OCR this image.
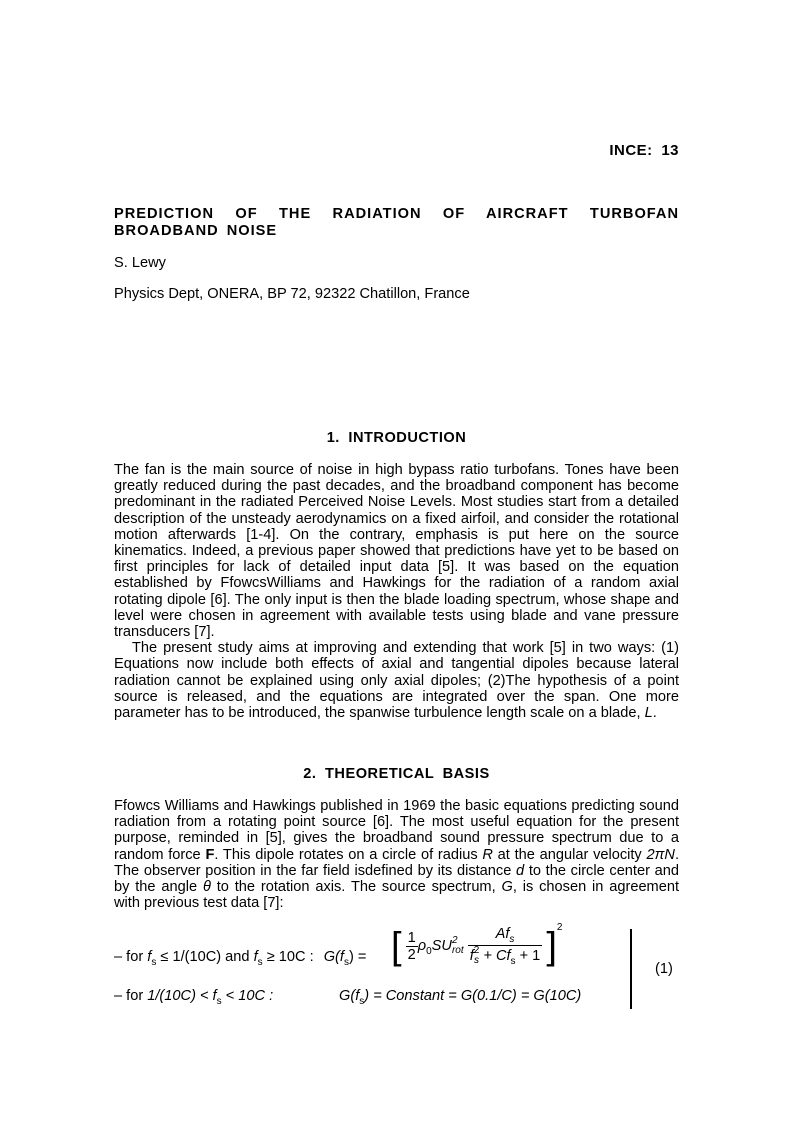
INCE: 13
PREDICTION OF THE RADIATION OF AIRCRAFT TURBOFAN BROADBAND NOISE
S. Lewy
Physics Dept, ONERA, BP 72, 92322 Chatillon, France
1. INTRODUCTION

The fan is the main source of noise in high bypass ratio turbofans. Tones have been greatly reduced during the past decades, and the broadband component has become predominant in the radiated Perceived Noise Levels. Most studies start from a detailed description of the unsteady aerodynamics on a fixed airfoil, and consider the rotational motion afterwards [1-4]. On the contrary, emphasis is put here on the source kinematics. Indeed, a previous paper showed that predictions have yet to be based on first principles for lack of detailed input data [5]. It was based on the equation established by FfowcsWilliams and Hawkings for the radiation of a random axial rotating dipole [6]. The only input is then the blade loading spectrum, whose shape and level were chosen in agreement with available tests using blade and vane pressure transducers [7].

The present study aims at improving and extending that work [5] in two ways: (1) Equations now include both effects of axial and tangential dipoles because lateral radiation cannot be explained using only axial dipoles; (2)The hypothesis of a point source is released, and the equations are integrated over the span. One more parameter has to be introduced, the spanwise turbulence length scale on a blade, L.

2. THEORETICAL BASIS

Ffowcs Williams and Hawkings published in 1969 the basic equations predicting sound radiation from a rotating point source [6]. The most useful equation for the present purpose, reminded in [5], gives the broadband sound pressure spectrum due to a random force F. This dipole rotates on a circle of radius R at the angular velocity 2πN. The observer position in the far field isdefined by its distance d to the circle center and by the angle θ to the rotation axis. The source spectrum, G, is chosen in agreement with previous test data [7]:

– for $f_s \le 1/(10C)$ and $f_s \ge 10C$ : $G(f_s)$ = [ $\frac{1}{2} \rho_0SU$ 2
rot
$Af_s$
f 2
$s + Cf_s + 1$ ]$^2$
(1)
– for $1/(10C) < f_s < 10C$ :	$G(f_s)$ = Constant = G(0.1/C) = G(10C)
